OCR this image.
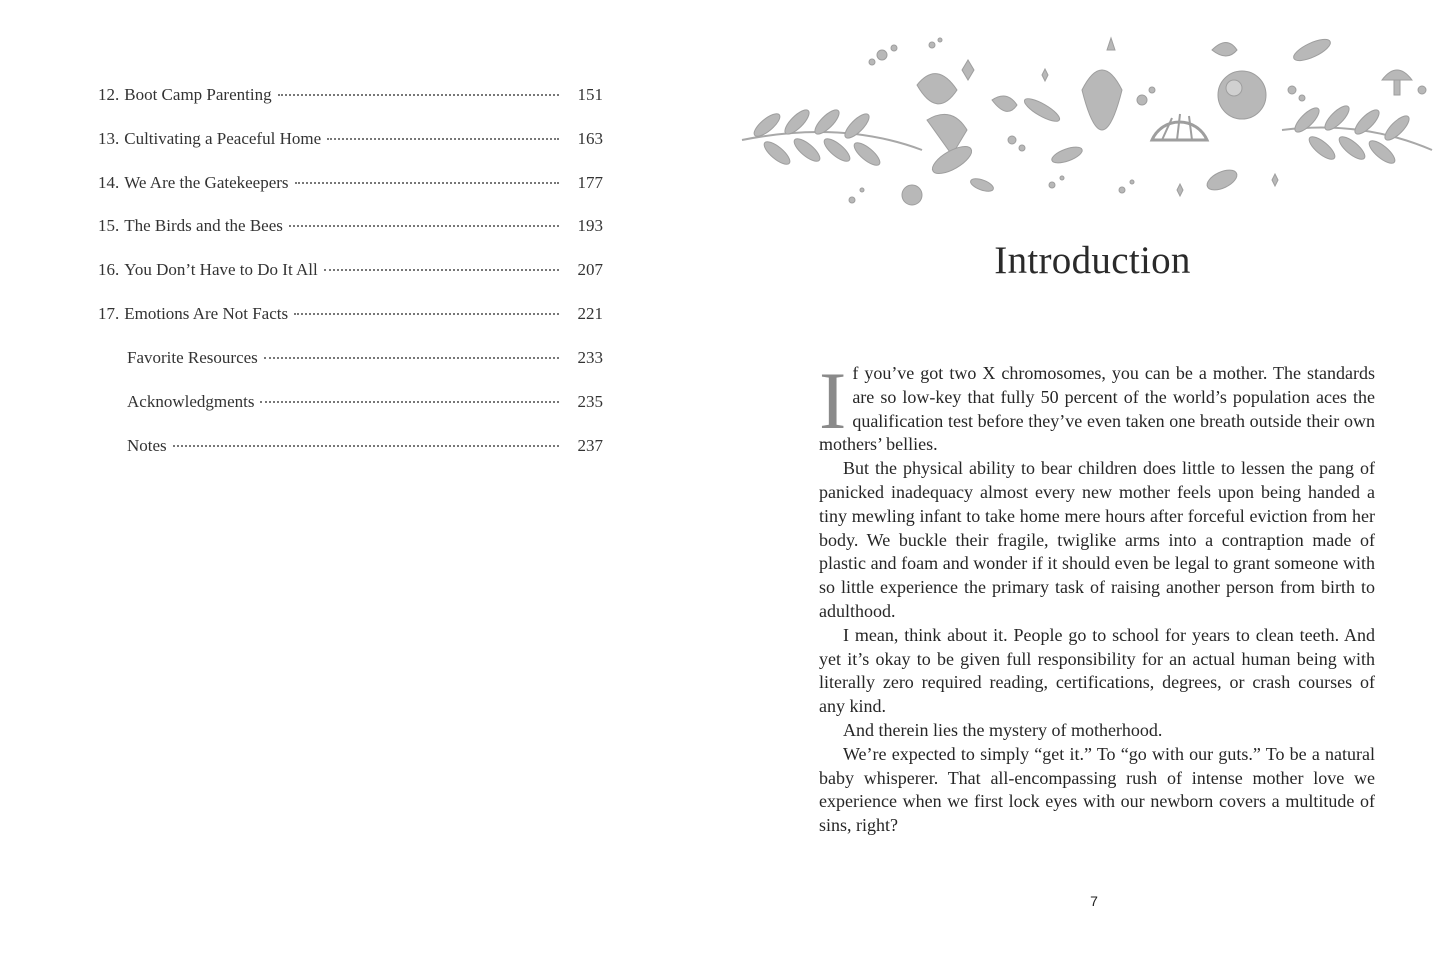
12. Boot Camp Parenting	151
13. Cultivating a Peaceful Home	163
14. We Are the Gatekeepers	177
15. The Birds and the Bees	193
16. You Don’t Have to Do It All	207
17. Emotions Are Not Facts	221
Favorite Resources	233
Acknowledgments	235
Notes	237
Introduction

If you’ve got two X chromosomes, you can be a mother. The standards are so low-key that fully 50 percent of the world’s population aces the qualification test before they’ve even taken one breath outside their own mothers’ bellies.

But the physical ability to bear children does little to lessen the pang of panicked inadequacy almost every new mother feels upon being handed a tiny mewling infant to take home mere hours after forceful eviction from her body. We buckle their fragile, twiglike arms into a contraption made of plastic and foam and wonder if it should even be legal to grant someone with so little experience the primary task of raising another person from birth to adulthood.

I mean, think about it. People go to school for years to clean teeth. And yet it’s okay to be given full responsibility for an actual human being with literally zero required reading, certifications, degrees, or crash courses of any kind.

And therein lies the mystery of motherhood.

We’re expected to simply “get it.” To “go with our guts.” To be a natural baby whisperer. That all-encompassing rush of intense mother love we experience when we first lock eyes with our newborn covers a multitude of sins, right?

7
